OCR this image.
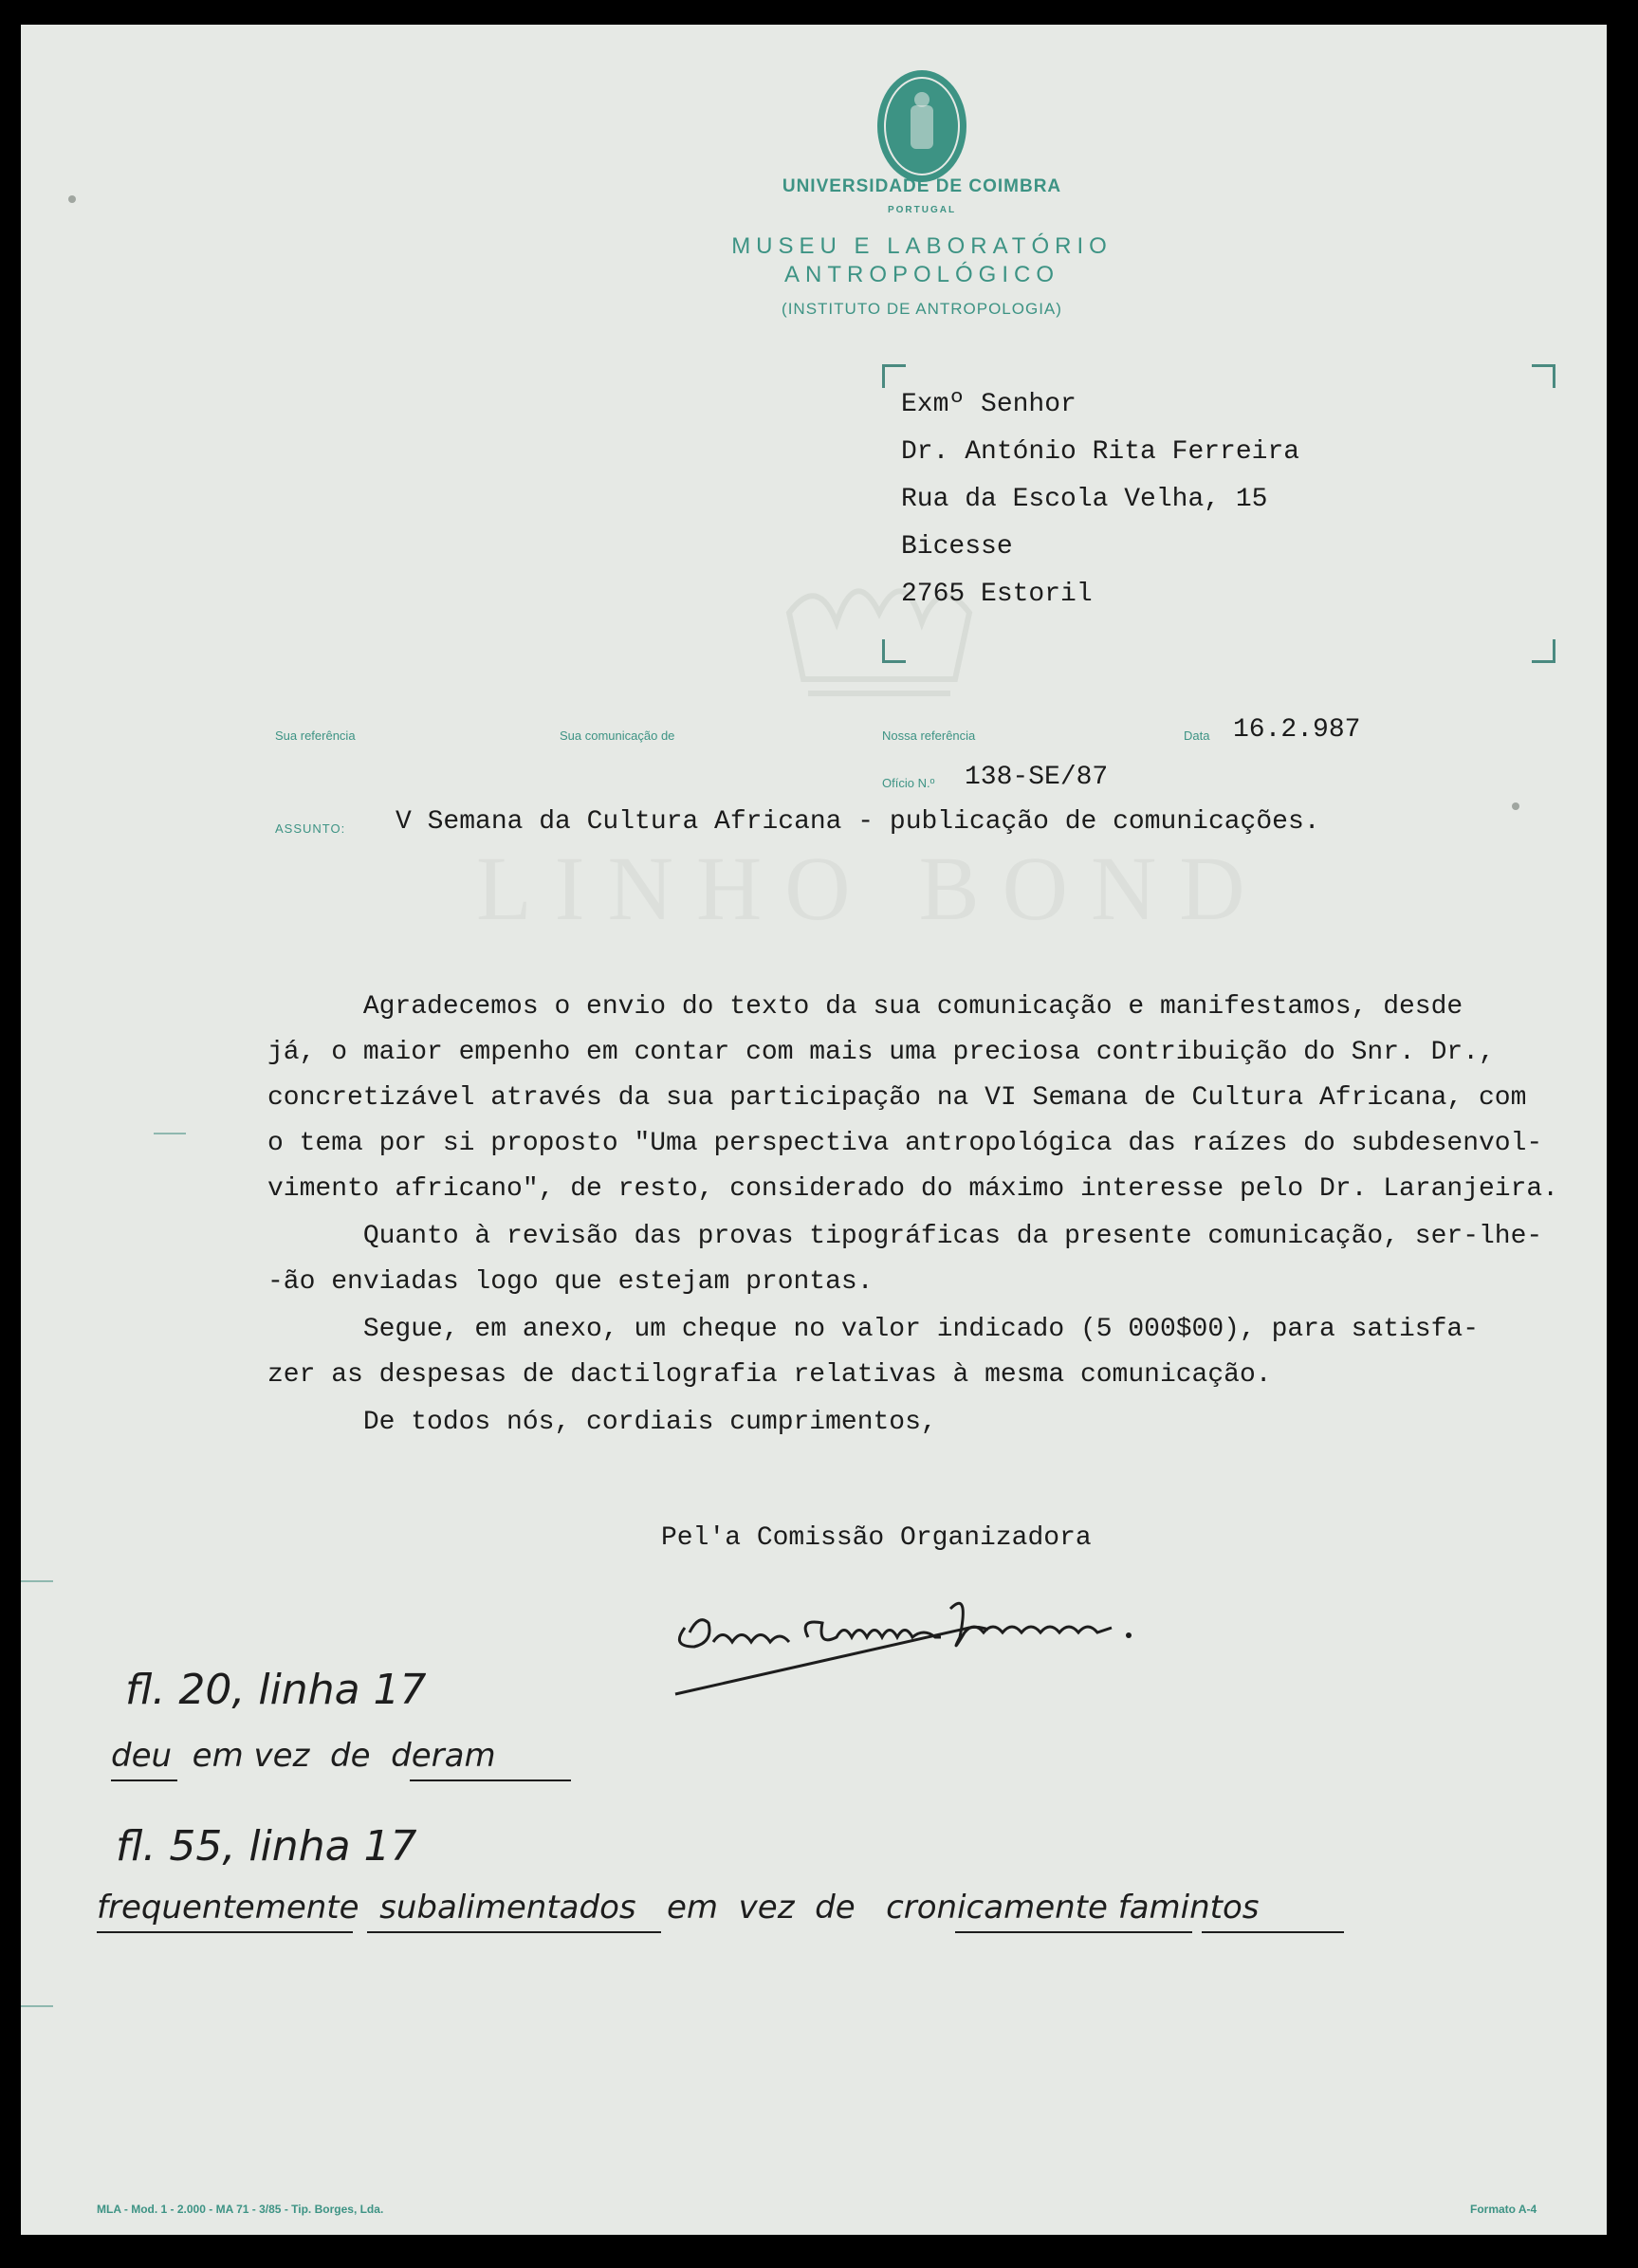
LINHO BOND
UNIVERSIDADE DE COIMBRA
PORTUGAL
MUSEU E LABORATÓRIO
ANTROPOLÓGICO
(INSTITUTO DE ANTROPOLOGIA)
Exmº Senhor
Dr. António Rita Ferreira
Rua da Escola Velha, 15
Bicesse
2765 Estoril
Sua referência	Sua comunicação de	Nossa referência	Data 16.2.987
Ofício N.º 138-SE/87
ASSUNTO: V Semana da Cultura Africana - publicação de comunicações.
Agradecemos o envio do texto da sua comunicação e manifestamos, desde
já, o maior empenho em contar com mais uma preciosa contribuição do Snr. Dr.,
concretizável através da sua participação na VI Semana de Cultura Africana, com
o tema por si proposto "Uma perspectiva antropológica das raízes do subdesenvol-
vimento africano", de resto, considerado do máximo interesse pelo Dr. Laranjeira.
Quanto à revisão das provas tipográficas da presente comunicação, ser-lhe-
-ão enviadas logo que estejam prontas.
Segue, em anexo, um cheque no valor indicado (5 000$00), para satisfa-
zer as despesas de dactilografia relativas à mesma comunicação.
De todos nós, cordiais cumprimentos,
Pel'a Comissão Organizadora
fl. 20, linha 17
deu  em vez  de  deram
fl. 55, linha 17
frequentemente  subalimentados   em  vez  de   cronicamente famintos
MLA - Mod. 1 - 2.000 - MA 71 - 3/85 - Tip. Borges, Lda.	Formato A-4
